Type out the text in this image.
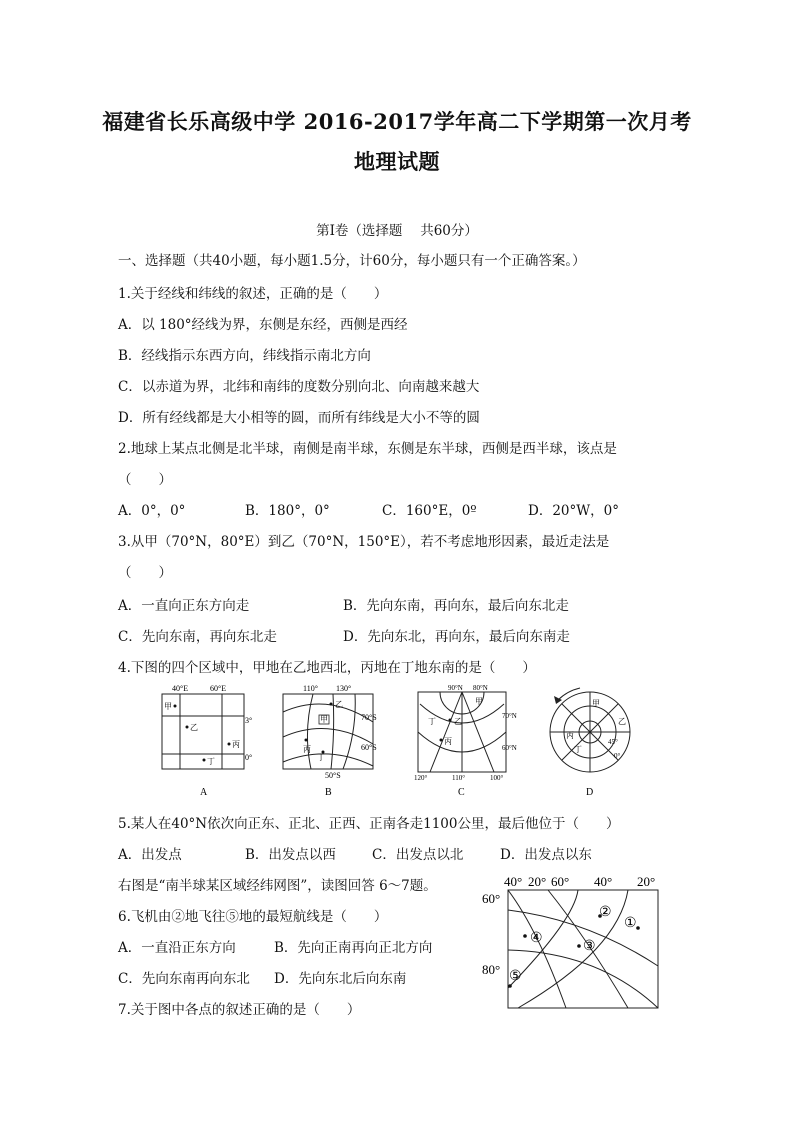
福建省长乐高级中学 2016-2017学年高二下学期第一次月考
地理试题
第Ⅰ卷（选择题　 共60分）
一、选择题（共40小题，每小题1.5分，计60分，每小题只有一个正确答案。）
1.关于经线和纬线的叙述，正确的是（　　）
A．以 180°经线为界，东侧是东经，西侧是西经
B．经线指示东西方向，纬线指示南北方向
C．以赤道为界，北纬和南纬的度数分别向北、向南越来越大
D．所有经线都是大小相等的圆，而所有纬线是大小不等的圆
2.地球上某点北侧是北半球，南侧是南半球，东侧是东半球，西侧是西半球，该点是
（　　）
A．0°，0°	B．180°，0°	C．160°E，0º	D．20°W，0°
3.从甲（70°N，80°E）到乙（70°N，150°E），若不考虑地形因素，最近走法是
（　　）
A．一直向正东方向走	B．先向东南，再向东，最后向东北走
C．先向东南，再向东北走	D．先向东北，再向东，最后向东南走
4.下图的四个区域中，甲地在乙地西北，丙地在丁地东南的是（　　）
40°E	60°E
3°
0°
甲
乙
丙
丁
A
110° 130°
70°S
60°S
50°S
乙
甲
丙
丁
B
90°N 80°N
70°N
60°N
120°	110°	100°
甲
丁 乙
丙
C
甲
乙
丙
丁
45°
0°
D
5.某人在40°N依次向正东、正北、正西、正南各走1100公里，最后他位于（　　）
A．出发点	B．出发点以西	C．出发点以北	D．出发点以东
右图是“南半球某区域经纬网图”，读图回答 6～7题。
6.飞机由②地飞往⑤地的最短航线是（　　）
A．一直沿正东方向	B．先向正南再向正北方向
C．先向东南再向东北 D．先向东北后向东南
7.关于图中各点的叙述正确的是（　　）
40° 20° 60° 40° 20°
60°
80°
①
②
③
④
⑤
